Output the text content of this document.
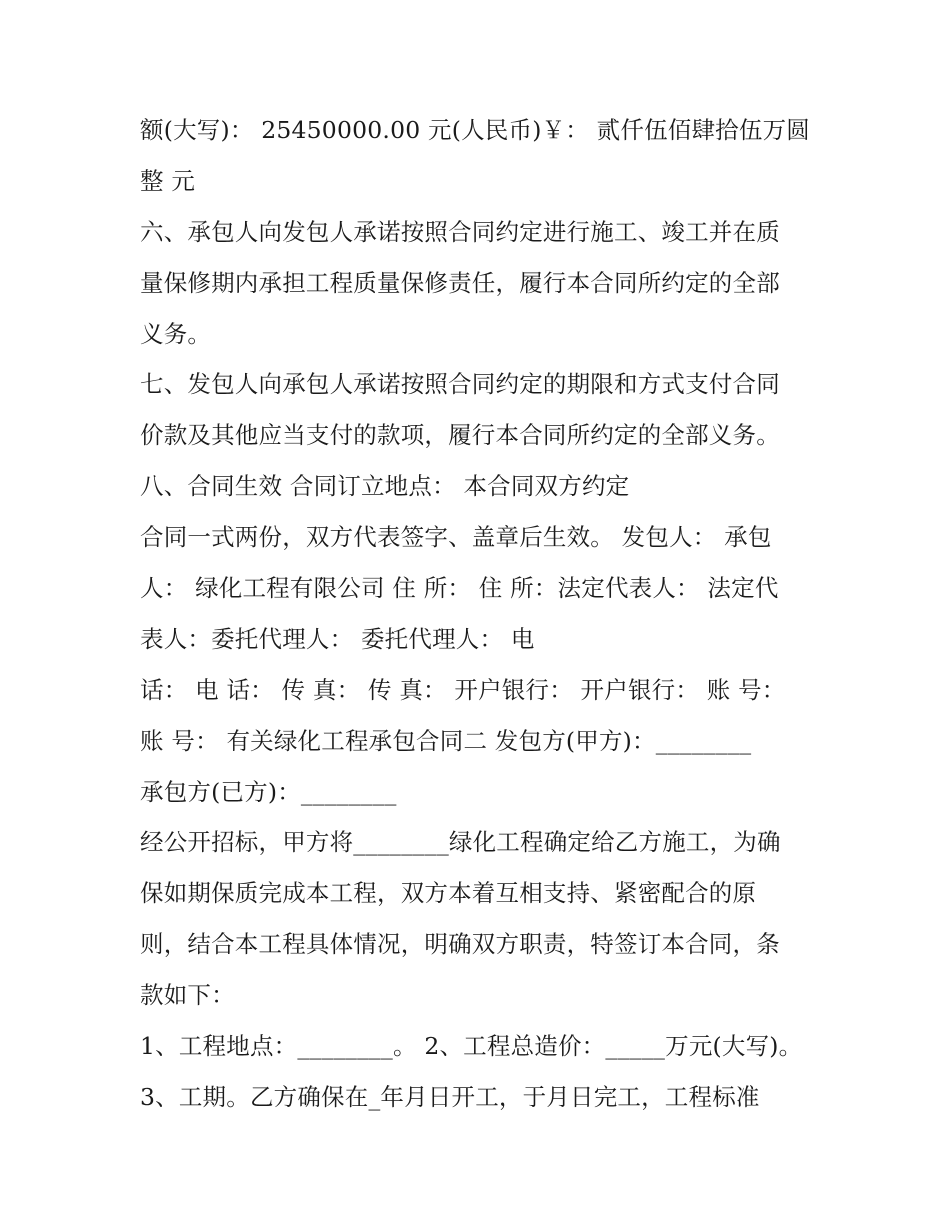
额(大写)： 25450000.00 元(人民币)￥： 贰仟伍佰肆拾伍万圆
整 元
六、承包人向发包人承诺按照合同约定进行施工、竣工并在质
量保修期内承担工程质量保修责任，履行本合同所约定的全部
义务。
七、发包人向承包人承诺按照合同约定的期限和方式支付合同
价款及其他应当支付的款项，履行本合同所约定的全部义务。
八、合同生效 合同订立地点： 本合同双方约定
合同一式两份，双方代表签字、盖章后生效。 发包人： 承包
人： 绿化工程有限公司 住 所： 住 所：法定代表人： 法定代
表人：委托代理人： 委托代理人： 电
话： 电 话： 传 真： 传 真： 开户银行： 开户银行： 账 号：
账 号： 有关绿化工程承包合同二 发包方(甲方)：________
承包方(已方)：________
经公开招标，甲方将________绿化工程确定给乙方施工，为确
保如期保质完成本工程，双方本着互相支持、紧密配合的原
则，结合本工程具体情况，明确双方职责，特签订本合同，条
款如下：
1、工程地点：________。 2、工程总造价：_____万元(大写)。
3、工期。乙方确保在_年月日开工，于月日完工，工程标准
